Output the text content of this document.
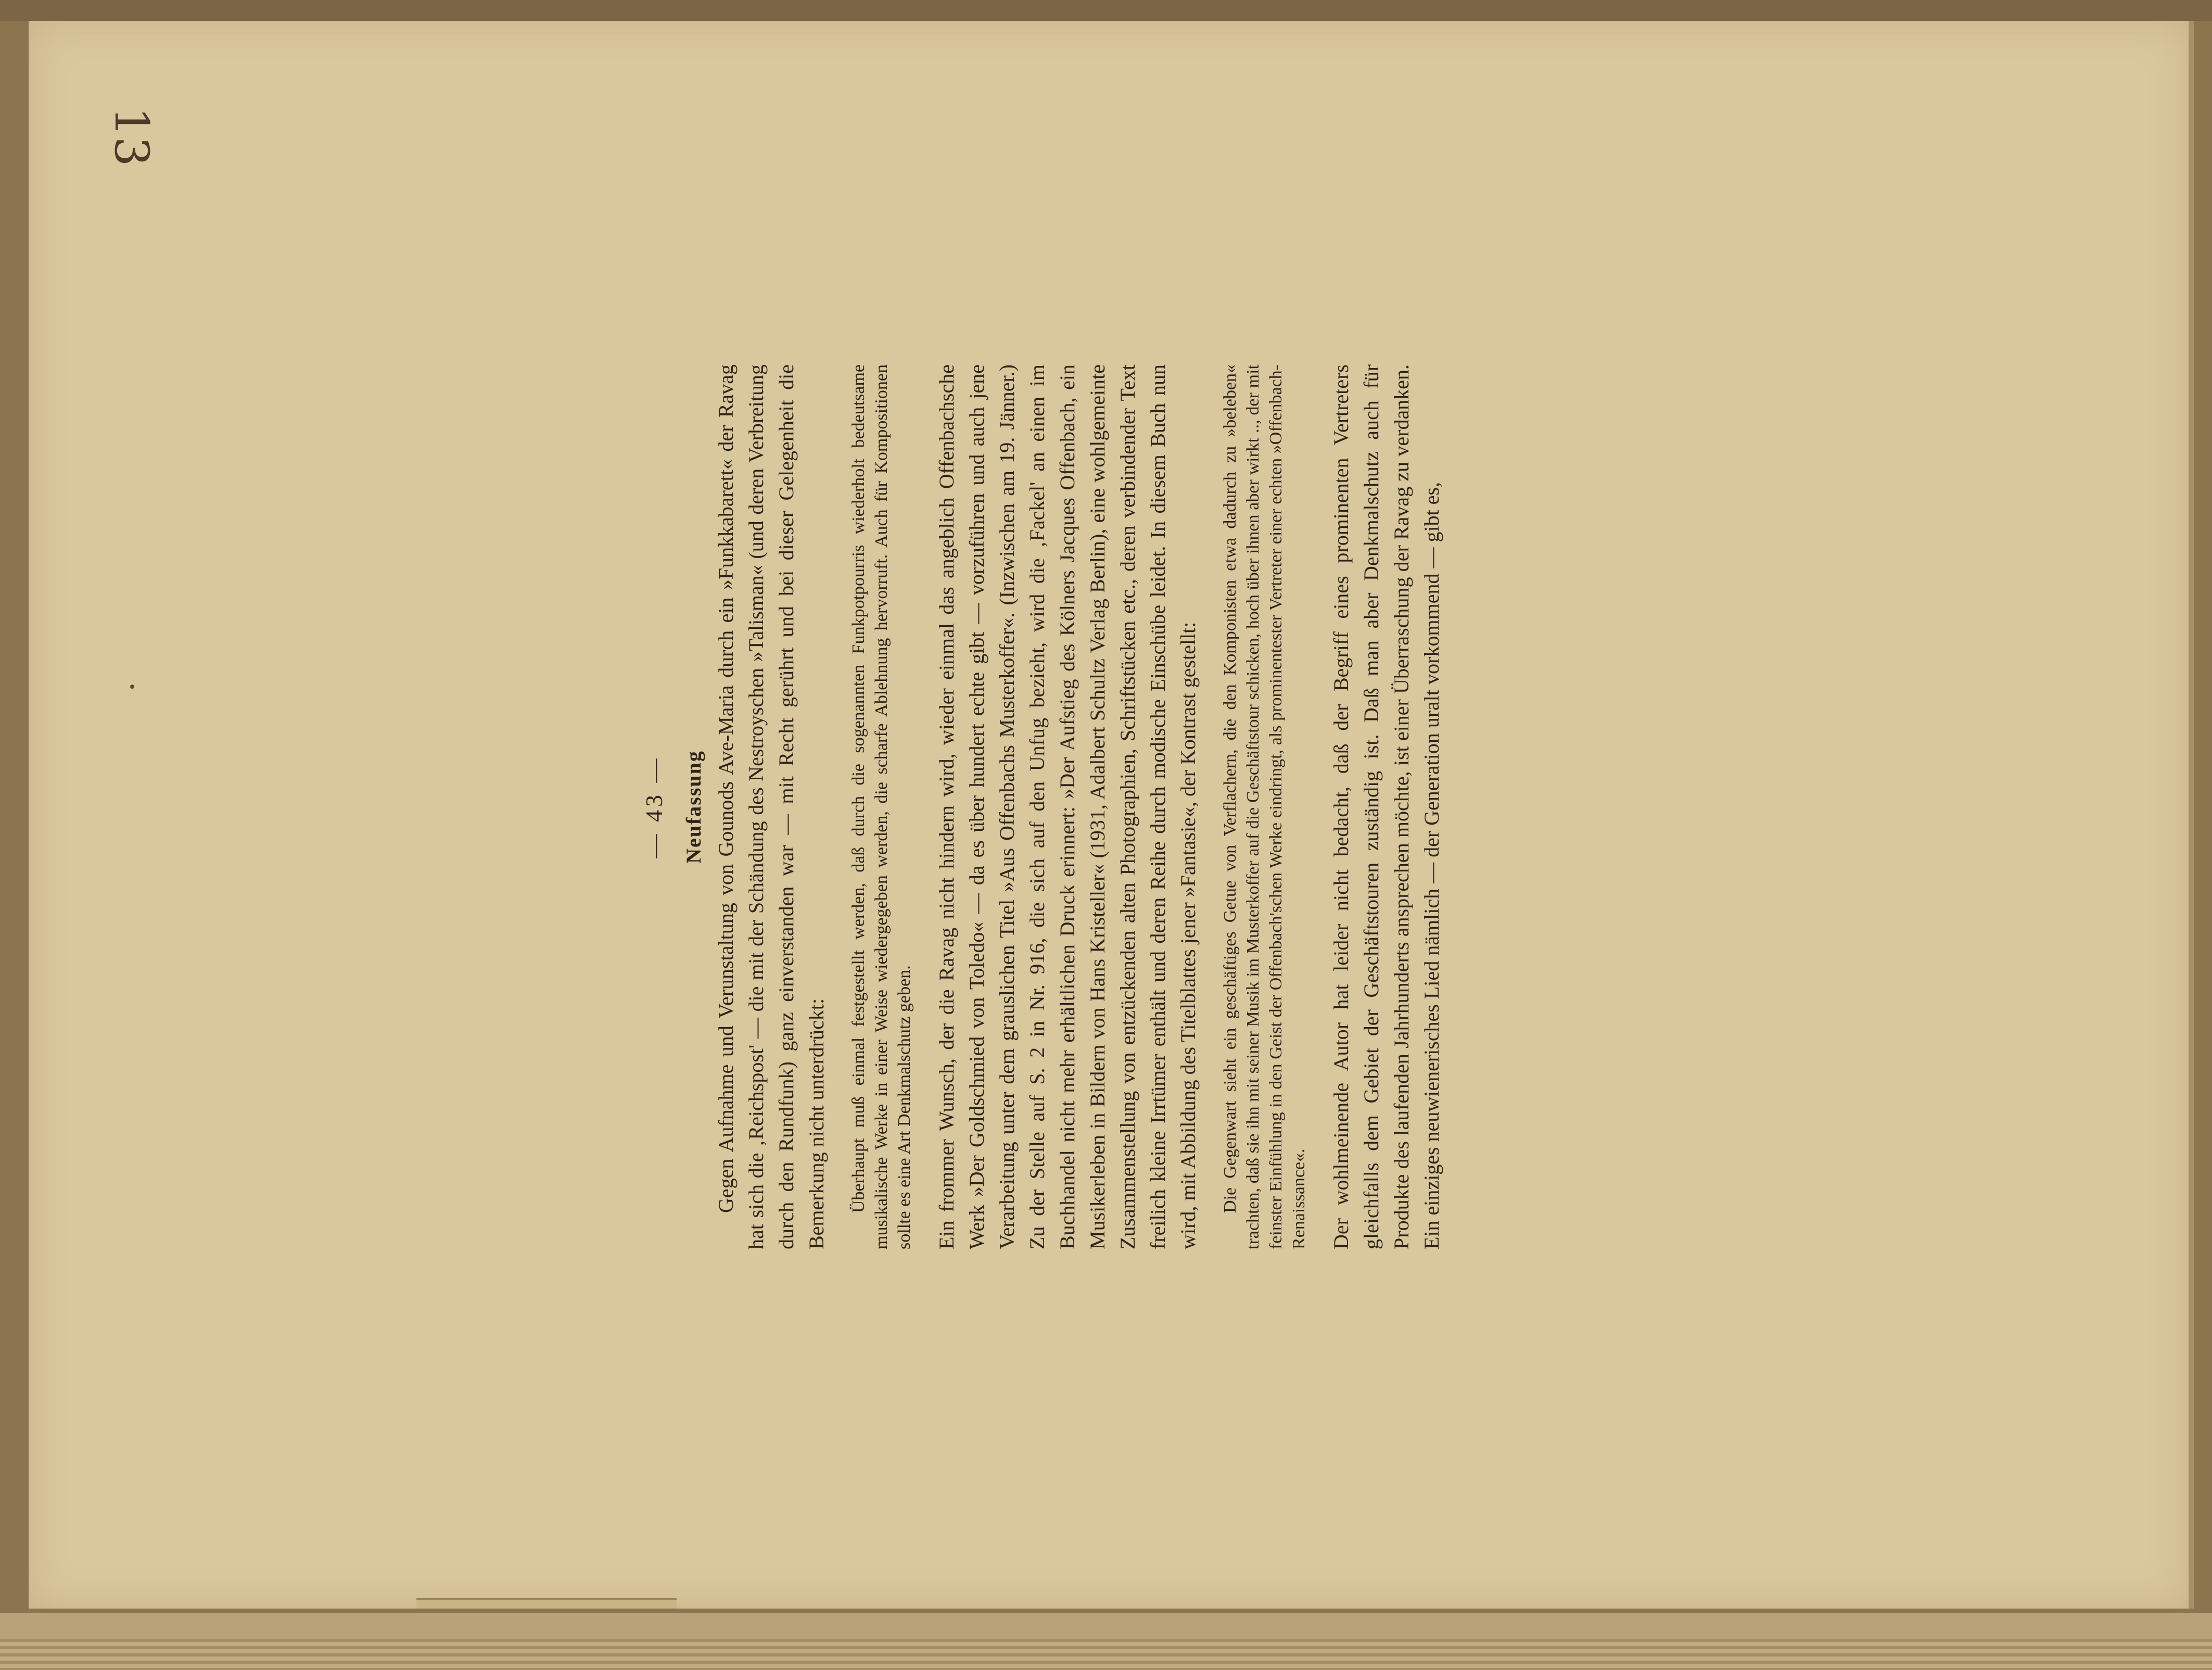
13
— 43 — Neufassung Gegen Aufnahme und Verunstaltung von Gounods Ave-Maria durch ein »Funkkabarett« der Ravag hat sich die ‚Reichspost' — die mit der Schändung des Nestroyschen »Talisman« (und deren Verbreitung durch den Rundfunk) ganz einverstanden war — mit Recht gerührt und bei dieser Gelegenheit die Bemerkung nicht unterdrückt: Überhaupt muß einmal festgestellt werden, daß durch die sogenannten Funkpotpourris wiederholt bedeutsame musikalische Werke in einer Weise wiedergegeben werden, die scharfe Ablehnung hervorruft. Auch für Kompositionen sollte es eine Art Denkmalschutz geben. Ein frommer Wunsch, der die Ravag nicht hindern wird, wieder einmal das angeblich Offenbachsche Werk »Der Goldschmied von Toledo« — da es über hundert echte gibt — vorzuführen und auch jene Verarbeitung unter dem grauslichen Titel »Aus Offenbachs Musterkoffer«. (Inzwischen am 19. Jänner.) Zu der Stelle auf S. 2 in Nr. 916, die sich auf den Unfug bezieht, wird die ‚Fackel' an einen im Buchhandel nicht mehr erhältlichen Druck erinnert: »Der Aufstieg des Kölners Jacques Offenbach, ein Musikerleben in Bildern von Hans Kristeller« (1931, Adalbert Schultz Verlag Berlin), eine wohlgemeinte Zusammenstellung von entzückenden alten Photographien, Schriftstücken etc., deren verbindender Text freilich kleine Irrtümer enthält und deren Reihe durch modische Einschübe leidet. In diesem Buch nun wird, mit Abbildung des Titelblattes jener »Fantasie«, der Kontrast gestellt: Die Gegenwart sieht ein geschäftiges Getue von Verflachern, die den Komponisten etwa dadurch zu »beleben« trachten, daß sie ihn mit seiner Musik im Musterkoffer auf die Geschäftstour schicken, hoch über ihnen aber wirkt .., der mit feinster Einfühlung in den Geist der Offenbach'schen Werke eindringt, als prominentester Vertreter einer echten »Offenbach-Renaissance«. Der wohlmeinende Autor hat leider nicht bedacht, daß der Begriff eines prominenten Vertreters gleichfalls dem Gebiet der Geschäftstouren zuständig ist. Daß man aber Denkmalschutz auch für Produkte des laufenden Jahrhunderts ansprechen möchte, ist einer Überraschung der Ravag zu verdanken. Ein einziges neuwienerisches Lied nämlich — der Generation uralt vorkommend — gibt es,
